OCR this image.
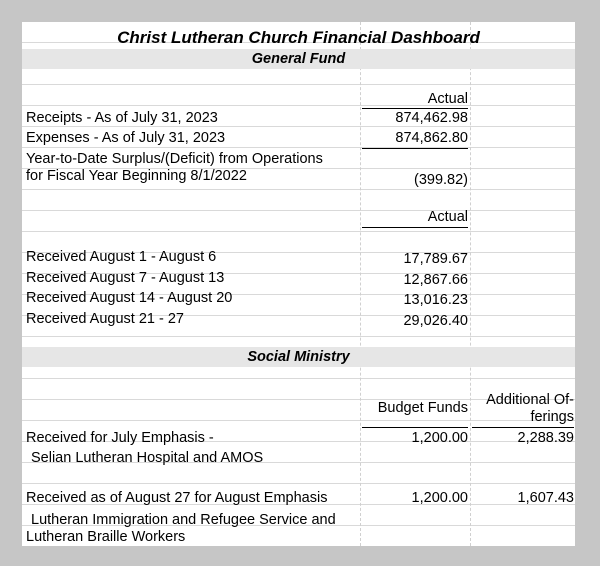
Christ Lutheran Church Financial Dashboard
General Fund
Actual
Receipts - As of July 31, 2023	874,462.98
Expenses - As of July 31, 2023	874,862.80
Year-to-Date Surplus/(Deficit) from Operations
for Fiscal Year Beginning 8/1/2022	(399.82)
Actual
Received August 1 - August 6	17,789.67
Received August 7 - August 13	12,867.66
Received August 14 - August 20	13,016.23
Received August 21 - 27	29,026.40
Social Ministry
Budget Funds	Additional Of-
ferings
Received for July Emphasis -	1,200.00	2,288.39
Selian Lutheran Hospital and AMOS
Received as of August 27 for August Emphasis	1,200.00	1,607.43
Lutheran Immigration and Refugee Service and
Lutheran Braille Workers
